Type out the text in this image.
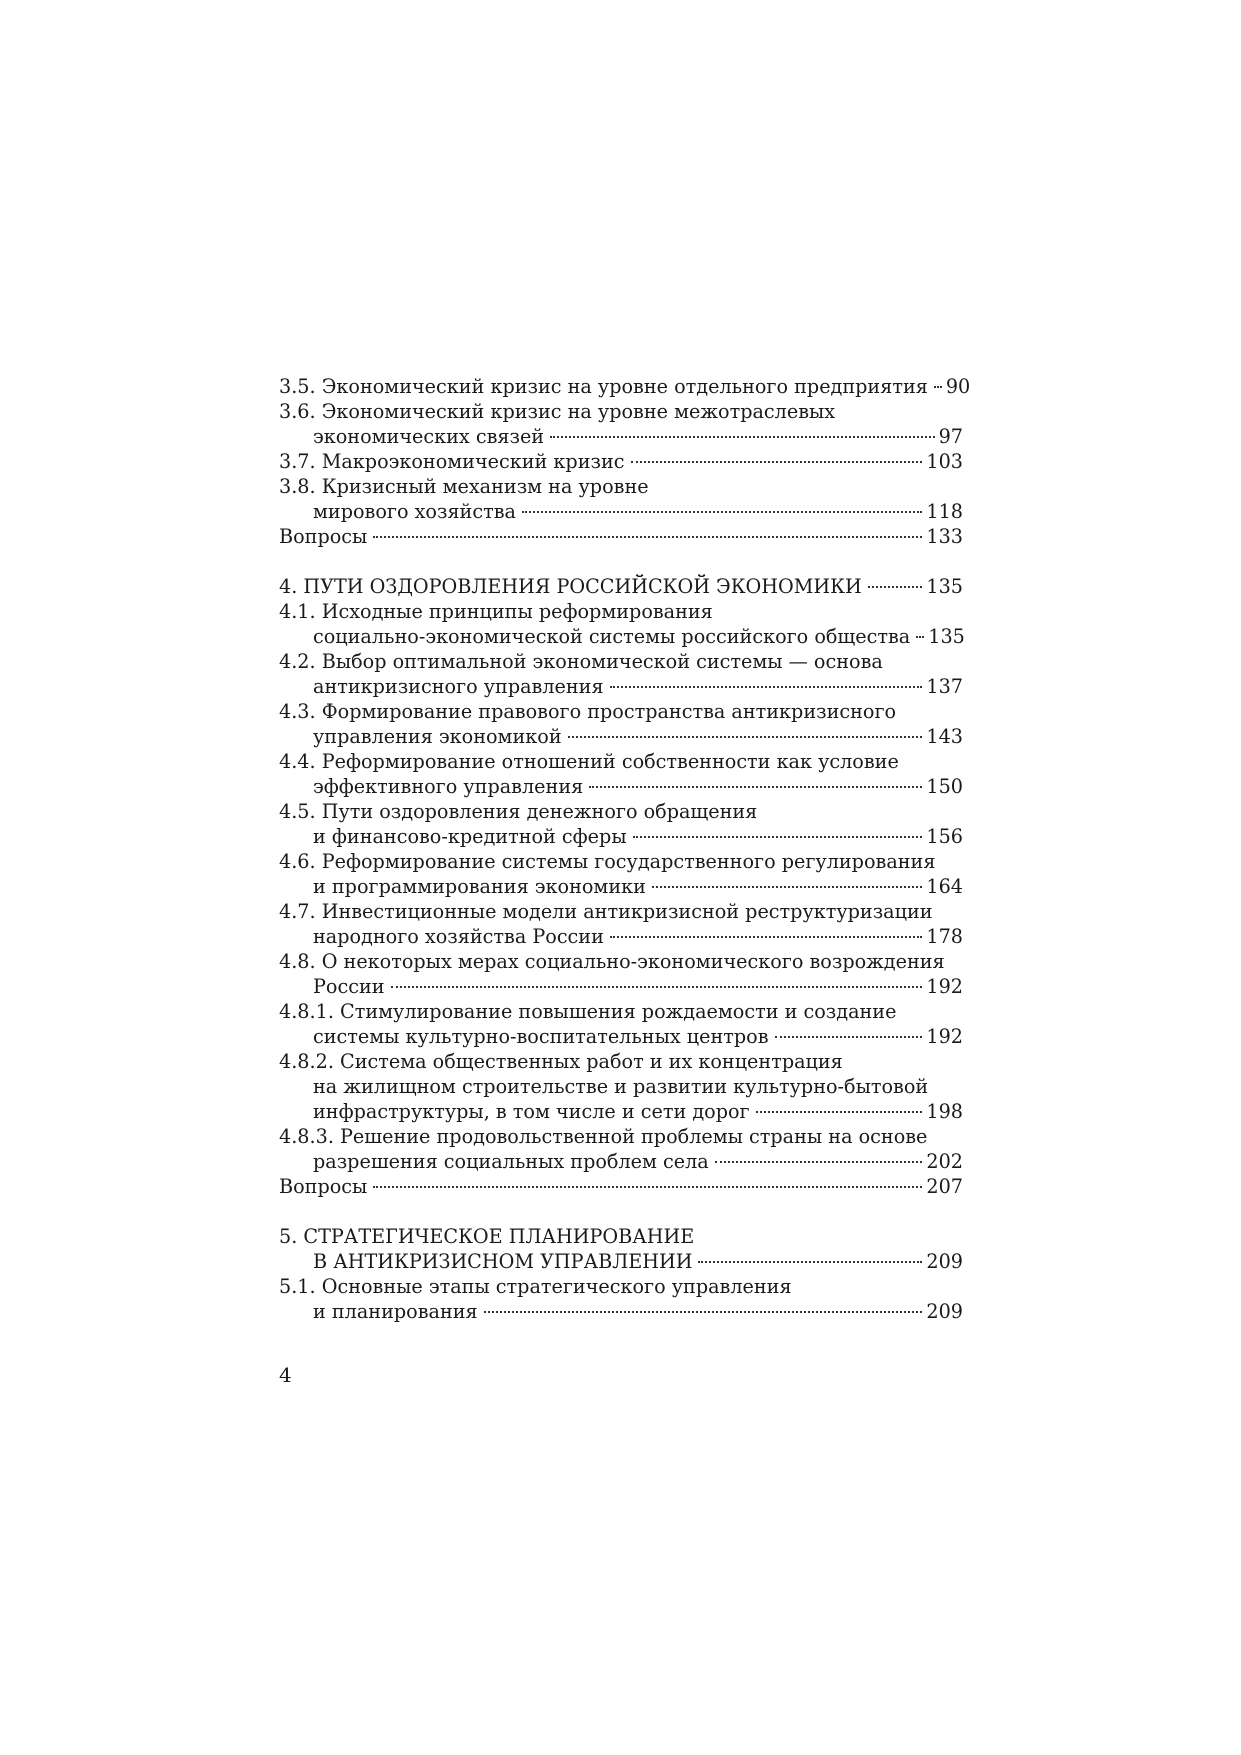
3.5. Экономический кризис на уровне отдельного предприятия 90
3.6. Экономический кризис на уровне межотраслевых
экономических связей	97
3.7. Макроэкономический кризис	103
3.8. Кризисный механизм на уровне
мирового хозяйства	118
Вопросы	133
4. ПУТИ ОЗДОРОВЛЕНИЯ РОССИЙСКОЙ ЭКОНОМИКИ	135
4.1. Исходные принципы реформирования
социально-экономической системы российского общества 135
4.2. Выбор оптимальной экономической системы — основа
антикризисного управления	137
4.3. Формирование правового пространства антикризисного
управления экономикой	143
4.4. Реформирование отношений собственности как условие
эффективного управления	150
4.5. Пути оздоровления денежного обращения
и финансово-кредитной сферы	156
4.6. Реформирование системы государственного регулирования
и программирования экономики	164
4.7. Инвестиционные модели антикризисной реструктуризации
народного хозяйства России	178
4.8. О некоторых мерах социально-экономического возрождения
России	192
4.8.1. Стимулирование повышения рождаемости и создание
системы культурно-воспитательных центров	192
4.8.2. Система общественных работ и их концентрация
на жилищном строительстве и развитии культурно-бытовой
инфраструктуры, в том числе и сети дорог	198
4.8.3. Решение продовольственной проблемы страны на основе
разрешения социальных проблем села	202
Вопросы	207
5. СТРАТЕГИЧЕСКОЕ ПЛАНИРОВАНИЕ
В АНТИКРИЗИСНОМ УПРАВЛЕНИИ	209
5.1. Основные этапы стратегического управления
и планирования	209
4
